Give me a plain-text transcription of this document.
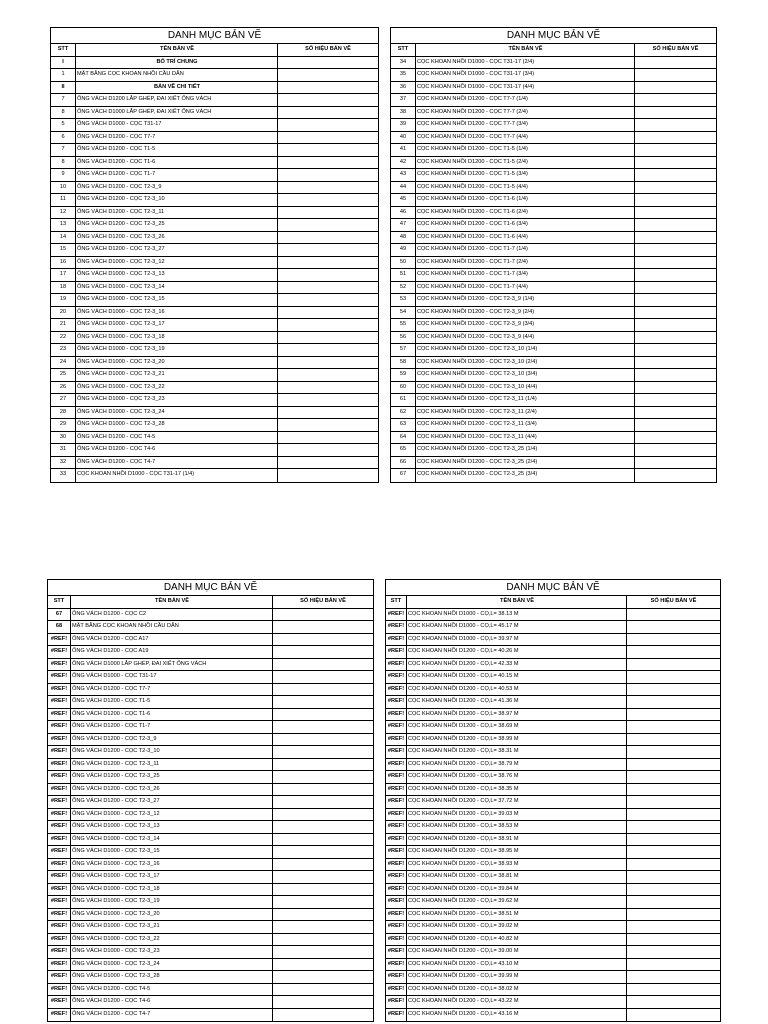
DANH MỤC BẢN VẼ
STT	TÊN BẢN VẼ	SỐ HIỆU BẢN VẼ
I	BỐ TRÍ CHUNG
1	MẶT BẰNG CỌC KHOAN NHỒI CẦU DẪN
II	BẢN VẼ CHI TIẾT
7	ỐNG VÁCH D1200 LẮP GHÉP, ĐAI XIẾT ỐNG VÁCH
8	ỐNG VÁCH D1000 LẮP GHÉP, ĐAI XIẾT ỐNG VÁCH
5	ỐNG VÁCH D1000 - CỌC T31-17
6	ỐNG VÁCH D1200 - CỌC T7-7
7	ỐNG VÁCH D1200 - CỌC T1-5
8	ỐNG VÁCH D1200 - CỌC T1-6
9	ỐNG VÁCH D1200 - CỌC T1-7
10	ỐNG VÁCH D1200 - CỌC T2-3_9
11	ỐNG VÁCH D1200 - CỌC T2-3_10
12	ỐNG VÁCH D1200 - CỌC T2-3_11
13	ỐNG VÁCH D1200 - CỌC T2-3_25
14	ỐNG VÁCH D1200 - CỌC T2-3_26
15	ỐNG VÁCH D1200 - CỌC T2-3_27
16	ỐNG VÁCH D1000 - CỌC T2-3_12
17	ỐNG VÁCH D1000 - CỌC T2-3_13
18	ỐNG VÁCH D1000 - CỌC T2-3_14
19	ỐNG VÁCH D1000 - CỌC T2-3_15
20	ỐNG VÁCH D1000 - CỌC T2-3_16
21	ỐNG VÁCH D1000 - CỌC T2-3_17
22	ỐNG VÁCH D1000 - CỌC T2-3_18
23	ỐNG VÁCH D1000 - CỌC T2-3_19
24	ỐNG VÁCH D1000 - CỌC T2-3_20
25	ỐNG VÁCH D1000 - CỌC T2-3_21
26	ỐNG VÁCH D1000 - CỌC T2-3_22
27	ỐNG VÁCH D1000 - CỌC T2-3_23
28	ỐNG VÁCH D1000 - CỌC T2-3_24
29	ỐNG VÁCH D1000 - CỌC T2-3_28
30	ỐNG VÁCH D1200 - CỌC T4-5
31	ỐNG VÁCH D1200 - CỌC T4-6
32	ỐNG VÁCH D1200 - CỌC T4-7
33	CỌC KHOAN NHỒI D1000 - CỌC T31-17 (1/4)
DANH MỤC BẢN VẼ
STT	TÊN BẢN VẼ	SỐ HIỆU BẢN VẼ
34	CỌC KHOAN NHỒI D1000 - CỌC T31-17 (2/4)
35	CỌC KHOAN NHỒI D1000 - CỌC T31-17 (3/4)
36	CỌC KHOAN NHỒI D1000 - CỌC T31-17 (4/4)
37	CỌC KHOAN NHỒI D1200 - CỌC T7-7 (1/4)
38	CỌC KHOAN NHỒI D1200 - CỌC T7-7 (2/4)
39	CỌC KHOAN NHỒI D1200 - CỌC T7-7 (3/4)
40	CỌC KHOAN NHỒI D1200 - CỌC T7-7 (4/4)
41	CỌC KHOAN NHỒI D1200 - CỌC T1-5 (1/4)
42	CỌC KHOAN NHỒI D1200 - CỌC T1-5 (2/4)
43	CỌC KHOAN NHỒI D1200 - CỌC T1-5 (3/4)
44	CỌC KHOAN NHỒI D1200 - CỌC T1-5 (4/4)
45	CỌC KHOAN NHỒI D1200 - CỌC T1-6 (1/4)
46	CỌC KHOAN NHỒI D1200 - CỌC T1-6 (2/4)
47	CỌC KHOAN NHỒI D1200 - CỌC T1-6 (3/4)
48	CỌC KHOAN NHỒI D1200 - CỌC T1-6 (4/4)
49	CỌC KHOAN NHỒI D1200 - CỌC T1-7 (1/4)
50	CỌC KHOAN NHỒI D1200 - CỌC T1-7 (2/4)
51	CỌC KHOAN NHỒI D1200 - CỌC T1-7 (3/4)
52	CỌC KHOAN NHỒI D1200 - CỌC T1-7 (4/4)
53	CỌC KHOAN NHỒI D1200 - CỌC T2-3_9 (1/4)
54	CỌC KHOAN NHỒI D1200 - CỌC T2-3_9 (2/4)
55	CỌC KHOAN NHỒI D1200 - CỌC T2-3_9 (3/4)
56	CỌC KHOAN NHỒI D1200 - CỌC T2-3_9 (4/4)
57	CỌC KHOAN NHỒI D1200 - CỌC T2-3_10 (1/4)
58	CỌC KHOAN NHỒI D1200 - CỌC T2-3_10 (2/4)
59	CỌC KHOAN NHỒI D1200 - CỌC T2-3_10 (3/4)
60	CỌC KHOAN NHỒI D1200 - CỌC T2-3_10 (4/4)
61	CỌC KHOAN NHỒI D1200 - CỌC T2-3_11 (1/4)
62	CỌC KHOAN NHỒI D1200 - CỌC T2-3_11 (2/4)
63	CỌC KHOAN NHỒI D1200 - CỌC T2-3_11 (3/4)
64	CỌC KHOAN NHỒI D1200 - CỌC T2-3_11 (4/4)
65	CỌC KHOAN NHỒI D1200 - CỌC T2-3_25 (1/4)
66	CỌC KHOAN NHỒI D1200 - CỌC T2-3_25 (2/4)
67	CỌC KHOAN NHỒI D1200 - CỌC T2-3_25 (3/4)
DANH MỤC BẢN VẼ
STT	TÊN BẢN VẼ	SỐ HIỆU BẢN VẼ
67	ỐNG VÁCH D1200 - CỌC C2
68	MẶT BẰNG CỌC KHOAN NHỒI CẦU DẪN
#REF! ỐNG VÁCH D1200 - CỌC A17
#REF! ỐNG VÁCH D1200 - CỌC A19
#REF! ỐNG VÁCH D1000 LẮP GHÉP, ĐAI XIẾT ỐNG VÁCH
#REF! ỐNG VÁCH D1000 - CỌC T31-17
#REF! ỐNG VÁCH D1200 - CỌC T7-7
#REF! ỐNG VÁCH D1200 - CỌC T1-5
#REF! ỐNG VÁCH D1200 - CỌC T1-6
#REF! ỐNG VÁCH D1200 - CỌC T1-7
#REF! ỐNG VÁCH D1200 - CỌC T2-3_9
#REF! ỐNG VÁCH D1200 - CỌC T2-3_10
#REF! ỐNG VÁCH D1200 - CỌC T2-3_11
#REF! ỐNG VÁCH D1200 - CỌC T2-3_25
#REF! ỐNG VÁCH D1200 - CỌC T2-3_26
#REF! ỐNG VÁCH D1200 - CỌC T2-3_27
#REF! ỐNG VÁCH D1000 - CỌC T2-3_12
#REF! ỐNG VÁCH D1000 - CỌC T2-3_13
#REF! ỐNG VÁCH D1000 - CỌC T2-3_14
#REF! ỐNG VÁCH D1000 - CỌC T2-3_15
#REF! ỐNG VÁCH D1000 - CỌC T2-3_16
#REF! ỐNG VÁCH D1000 - CỌC T2-3_17
#REF! ỐNG VÁCH D1000 - CỌC T2-3_18
#REF! ỐNG VÁCH D1000 - CỌC T2-3_19
#REF! ỐNG VÁCH D1000 - CỌC T2-3_20
#REF! ỐNG VÁCH D1000 - CỌC T2-3_21
#REF! ỐNG VÁCH D1000 - CỌC T2-3_22
#REF! ỐNG VÁCH D1000 - CỌC T2-3_23
#REF! ỐNG VÁCH D1000 - CỌC T2-3_24
#REF! ỐNG VÁCH D1000 - CỌC T2-3_28
#REF! ỐNG VÁCH D1200 - CỌC T4-5
#REF! ỐNG VÁCH D1200 - CỌC T4-6
#REF! ỐNG VÁCH D1200 - CỌC T4-7
DANH MỤC BẢN VẼ
STT	TÊN BẢN VẼ	SỐ HIỆU BẢN VẼ
#REF! CỌC KHOAN NHỒI D1000 - CỌ,L= 38.13 M
#REF! CỌC KHOAN NHỒI D1000 - CỌ,L= 45.17 M
#REF! CỌC KHOAN NHỒI D1000 - CỌ,L= 39.97 M
#REF! CỌC KHOAN NHỒI D1200 - CỌ,L= 40.26 M
#REF! CỌC KHOAN NHỒI D1200 - CỌ,L= 42.33 M
#REF! CỌC KHOAN NHỒI D1200 - CỌ,L= 40.15 M
#REF! CỌC KHOAN NHỒI D1200 - CỌ,L= 40.53 M
#REF! CỌC KHOAN NHỒI D1200 - CỌ,L= 41.36 M
#REF! CỌC KHOAN NHỒI D1200 - CỌ,L= 38.97 M
#REF! CỌC KHOAN NHỒI D1200 - CỌ,L= 38.69 M
#REF! CỌC KHOAN NHỒI D1200 - CỌ,L= 38.99 M
#REF! CỌC KHOAN NHỒI D1200 - CỌ,L= 38.31 M
#REF! CỌC KHOAN NHỒI D1200 - CỌ,L= 38.79 M
#REF! CỌC KHOAN NHỒI D1200 - CỌ,L= 38.76 M
#REF! CỌC KHOAN NHỒI D1200 - CỌ,L= 38.35 M
#REF! CỌC KHOAN NHỒI D1200 - CỌ,L= 37.72 M
#REF! CỌC KHOAN NHỒI D1200 - CỌ,L= 39.03 M
#REF! CỌC KHOAN NHỒI D1200 - CỌ,L= 38.53 M
#REF! CỌC KHOAN NHỒI D1200 - CỌ,L= 38.91 M
#REF! CỌC KHOAN NHỒI D1200 - CỌ,L= 38.95 M
#REF! CỌC KHOAN NHỒI D1200 - CỌ,L= 38.93 M
#REF! CỌC KHOAN NHỒI D1200 - CỌ,L= 38.81 M
#REF! CỌC KHOAN NHỒI D1200 - CỌ,L= 39.84 M
#REF! CỌC KHOAN NHỒI D1200 - CỌ,L= 39.62 M
#REF! CỌC KHOAN NHỒI D1200 - CỌ,L= 38.51 M
#REF! CỌC KHOAN NHỒI D1200 - CỌ,L= 39.02 M
#REF! CỌC KHOAN NHỒI D1200 - CỌ,L= 40.82 M
#REF! CỌC KHOAN NHỒI D1200 - CỌ,L= 39.00 M
#REF! CỌC KHOAN NHỒI D1200 - CỌ,L= 43.10 M
#REF! CỌC KHOAN NHỒI D1200 - CỌ,L= 39.99 M
#REF! CỌC KHOAN NHỒI D1200 - CỌ,L= 38.02 M
#REF! CỌC KHOAN NHỒI D1200 - CỌ,L= 43.22 M
#REF! CỌC KHOAN NHỒI D1200 - CỌ,L= 43.16 M
